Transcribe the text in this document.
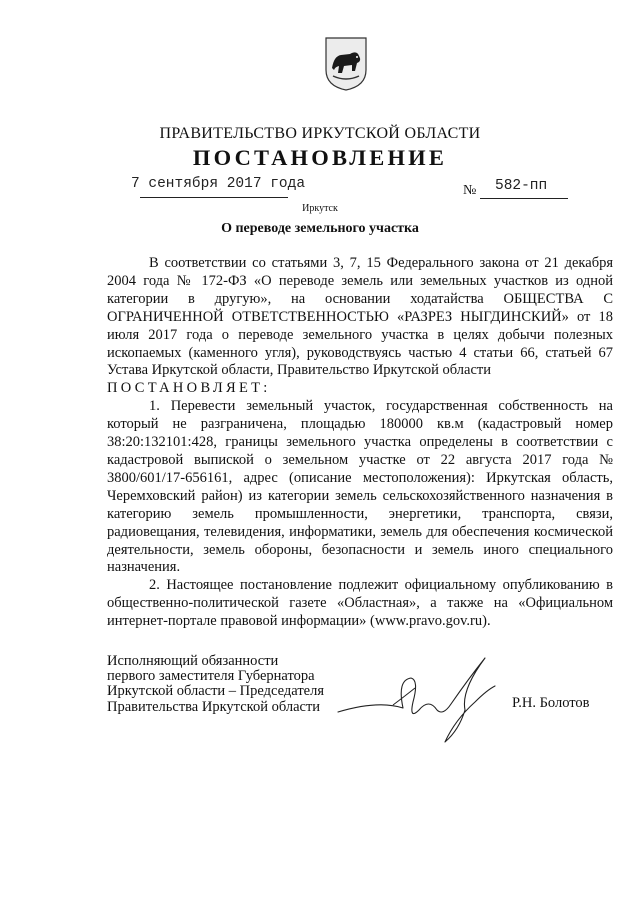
ПРАВИТЕЛЬСТВО ИРКУТСКОЙ ОБЛАСТИ
ПОСТАНОВЛЕНИЕ
7 сентября 2017 года	№ 582-пп
Иркутск
О переводе земельного участка

В соответствии со статьями 3, 7, 15 Федерального закона от 21 декабря 2004 года № 172-ФЗ «О переводе земель или земельных участков из одной категории в другую», на основании ходатайства ОБЩЕСТВА С ОГРАНИЧЕННОЙ ОТВЕТСТВЕННОСТЬЮ «РАЗРЕЗ НЫГДИНСКИЙ» от 18 июля 2017 года о переводе земельного участка в целях добычи полезных ископаемых (каменного угля), руководствуясь частью 4 статьи 66, статьей 67 Устава Иркутской области, Правительство Иркутской области

ПОСТАНОВЛЯЕТ:

1. Перевести земельный участок, государственная собственность на который не разграничена, площадью 180000 кв.м (кадастровый номер 38:20:132101:428, границы земельного участка определены в соответствии с кадастровой выпиской о земельном участке от 22 августа 2017 года № 3800/601/17-656161, адрес (описание местоположения): Иркутская область, Черемховский район) из категории земель сельскохозяйственного назначения в категорию земель промышленности, энергетики, транспорта, связи, радиовещания, телевидения, информатики, земель для обеспечения космической деятельности, земель обороны, безопасности и земель иного специального назначения.

2. Настоящее постановление подлежит официальному опубликованию в общественно-политической газете «Областная», а также на «Официальном интернет-портале правовой информации» (www.pravo.gov.ru).

Исполняющий обязанности
первого заместителя Губернатора
Иркутской области – Председателя
Правительства Иркутской области	Р.Н. Болотов
